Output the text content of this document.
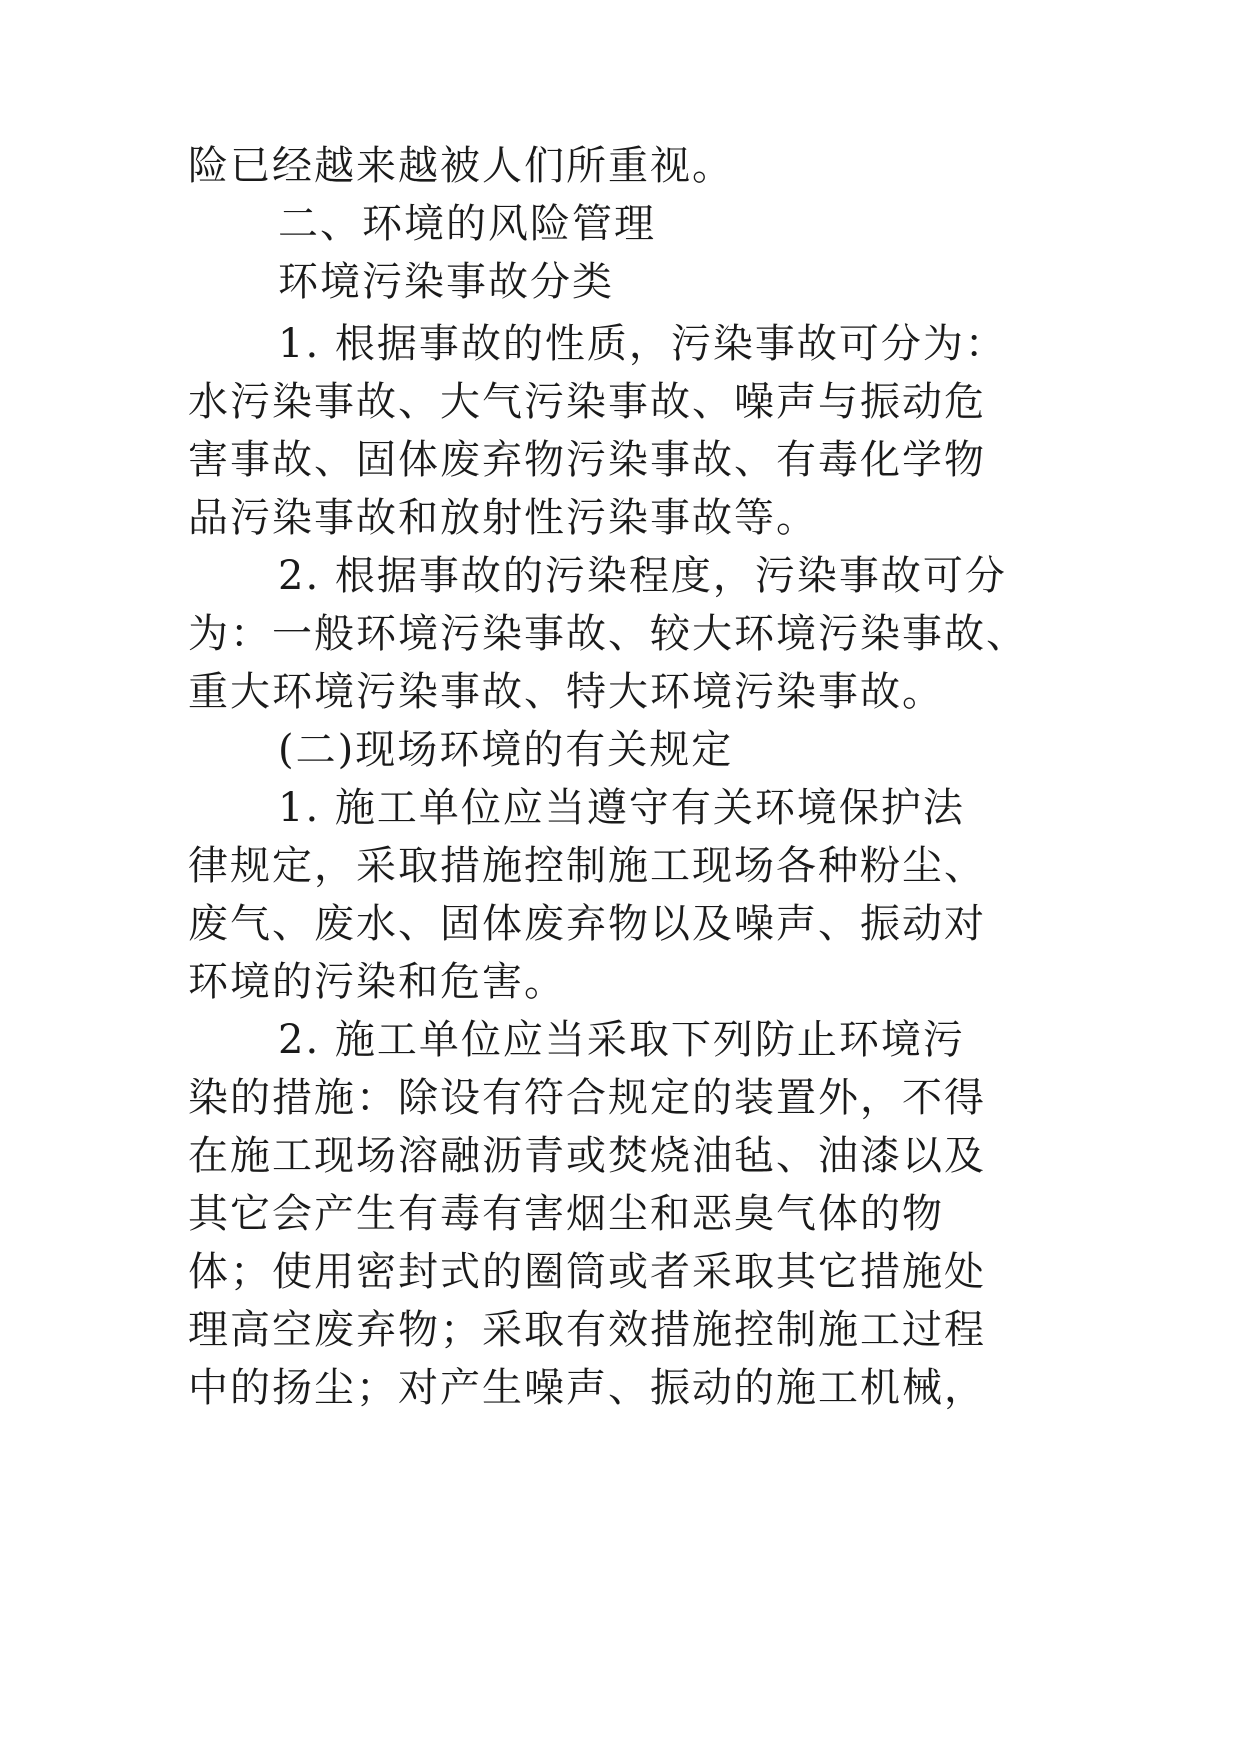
险已经越来越被人们所重视。
二、环境的风险管理
环境污染事故分类
1. 根据事故的性质，污染事故可分为：
水污染事故、大气污染事故、噪声与振动危
害事故、固体废弃物污染事故、有毒化学物
品污染事故和放射性污染事故等。
2. 根据事故的污染程度，污染事故可分
为：一般环境污染事故、较大环境污染事故、
重大环境污染事故、特大环境污染事故。
(二)现场环境的有关规定
1. 施工单位应当遵守有关环境保护法
律规定，采取措施控制施工现场各种粉尘、
废气、废水、固体废弃物以及噪声、振动对
环境的污染和危害。
2. 施工单位应当采取下列防止环境污
染的措施：除设有符合规定的装置外，不得
在施工现场溶融沥青或焚烧油毡、油漆以及
其它会产生有毒有害烟尘和恶臭气体的物
体；使用密封式的圈筒或者采取其它措施处
理高空废弃物；采取有效措施控制施工过程
中的扬尘；对产生噪声、振动的施工机械，
